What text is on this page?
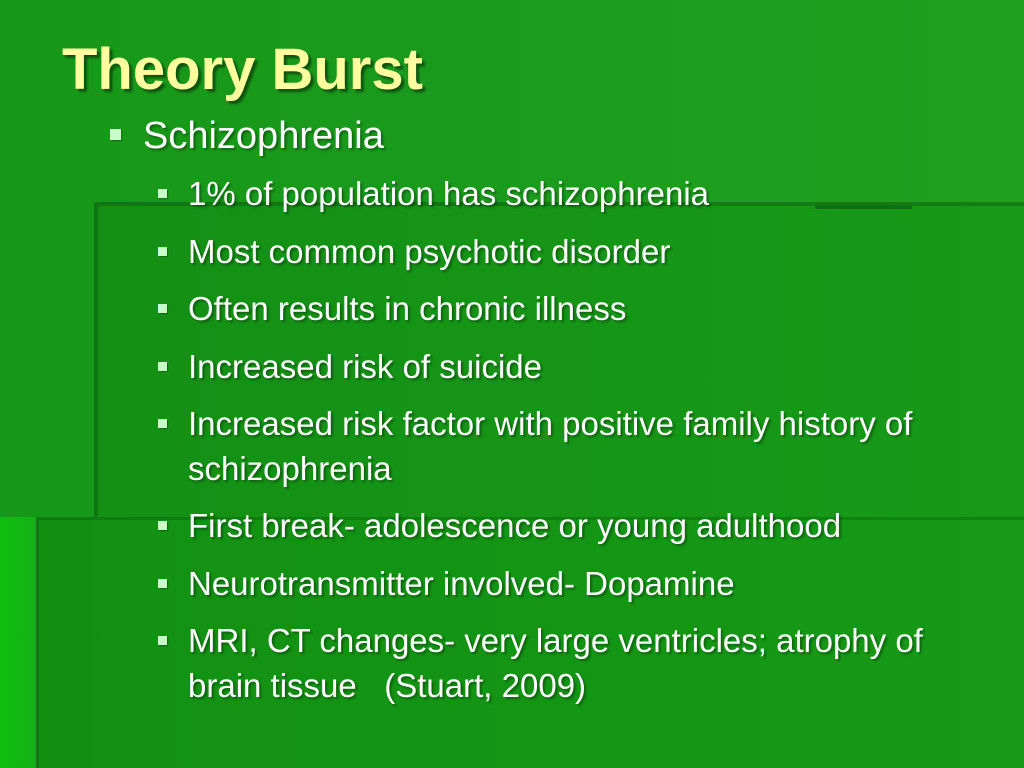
Theory Burst
Schizophrenia
1% of population has schizophrenia
Most common psychotic disorder
Often results in chronic illness
Increased risk of suicide
Increased risk factor with positive family history of schizophrenia
First break- adolescence or young adulthood
Neurotransmitter involved- Dopamine
MRI, CT changes- very large ventricles; atrophy of brain tissue   (Stuart, 2009)
